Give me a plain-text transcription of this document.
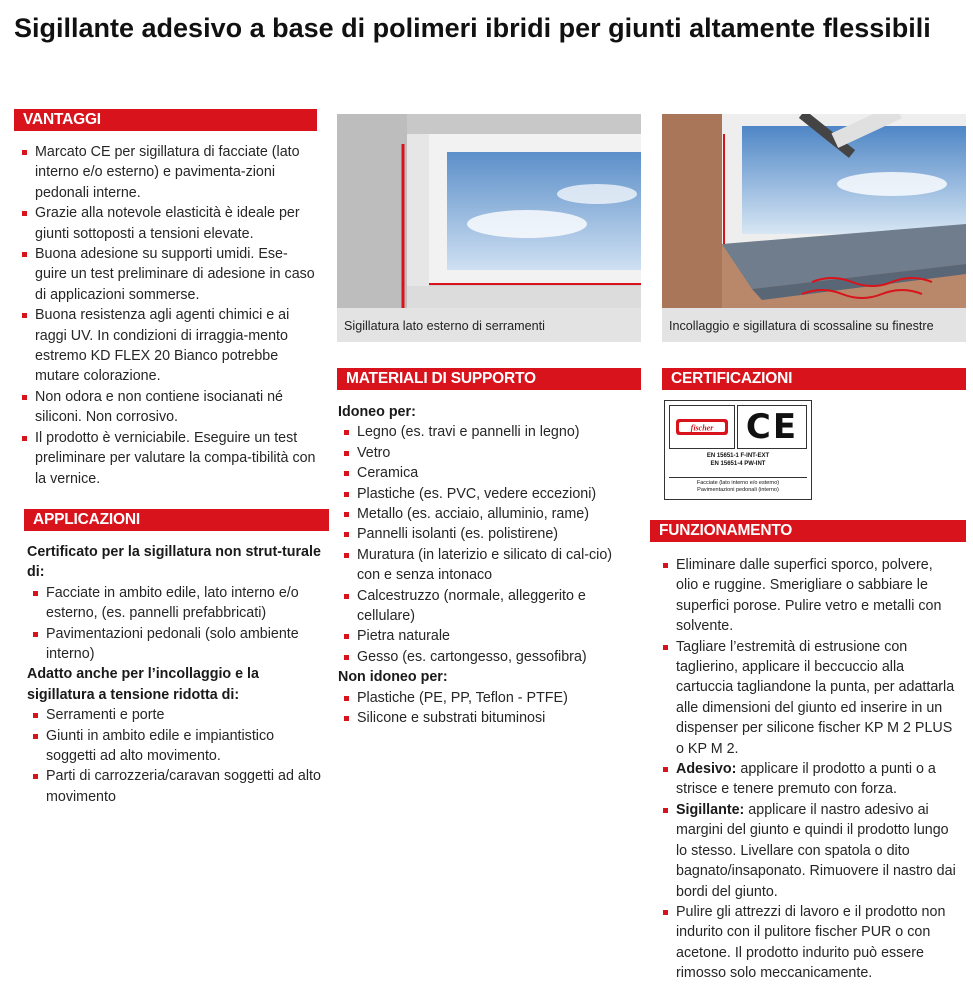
Sigillante adesivo a base di polimeri ibridi per giunti altamente flessibili
VANTAGGI
Marcato CE per sigillatura di facciate (lato interno e/o esterno) e pavimenta-zioni pedonali interne.
Grazie alla notevole elasticità è ideale per giunti sottoposti a tensioni elevate.
Buona adesione su supporti umidi. Ese-guire un test preliminare di adesione in caso di applicazioni sommerse.
Buona resistenza agli agenti chimici e ai raggi UV. In condizioni di irraggia-mento estremo KD FLEX 20 Bianco potrebbe mutare colorazione.
Non odora e non contiene isocianati né siliconi. Non corrosivo.
Il prodotto è verniciabile. Eseguire un test preliminare per valutare la compa-tibilità con la vernice.
APPLICAZIONI
Certificato per la sigillatura non strut-turale di:
Facciate in ambito edile, lato interno e/o esterno, (es. pannelli prefabbricati)
Pavimentazioni pedonali (solo ambiente interno)
Adatto anche per l’incollaggio e la sigillatura a tensione ridotta di:
Serramenti e porte
Giunti in ambito edile e impiantistico soggetti ad alto movimento.
Parti di carrozzeria/caravan soggetti ad alto movimento
Sigillatura lato esterno di serramenti	Incollaggio e sigillatura di scossaline su finestre
MATERIALI DI SUPPORTO
Idoneo per:
Legno (es. travi e pannelli in legno)
Vetro
Ceramica
Plastiche (es. PVC, vedere eccezioni)
Metallo (es. acciaio, alluminio, rame)
Pannelli isolanti (es. polistirene)
Muratura (in laterizio e silicato di cal-cio) con e senza intonaco
Calcestruzzo (normale, alleggerito e cellulare)
Pietra naturale
Gesso (es. cartongesso, gessofibra)
Non idoneo per:
Plastiche (PE, PP, Teflon - PTFE)
Silicone e substrati bituminosi
CERTIFICAZIONI
fischer CE
EN 15651-1 F-INT-EXT
EN 15651-4 PW-INT
Facciate (lato interno e/o esterno)
Pavimentazioni pedonali (interno)
FUNZIONAMENTO
Eliminare dalle superfici sporco, polvere, olio e ruggine. Smerigliare o sabbiare le superfici porose. Pulire vetro e metalli con solvente.
Tagliare l’estremità di estrusione con taglierino, applicare il beccuccio alla cartuccia tagliandone la punta, per adattarla alle dimensioni del giunto ed inserire in un dispenser per silicone fischer KP M 2 PLUS o KP M 2.
Adesivo: applicare il prodotto a punti o a strisce e tenere premuto con forza.
Sigillante: applicare il nastro adesivo ai margini del giunto e quindi il prodotto lungo lo stesso. Livellare con spatola o dito bagnato/insaponato. Rimuovere il nastro dai bordi del giunto.
Pulire gli attrezzi di lavoro e il prodotto non indurito con il pulitore fischer PUR o con acetone. Il prodotto indurito può essere rimosso solo meccanicamente.
